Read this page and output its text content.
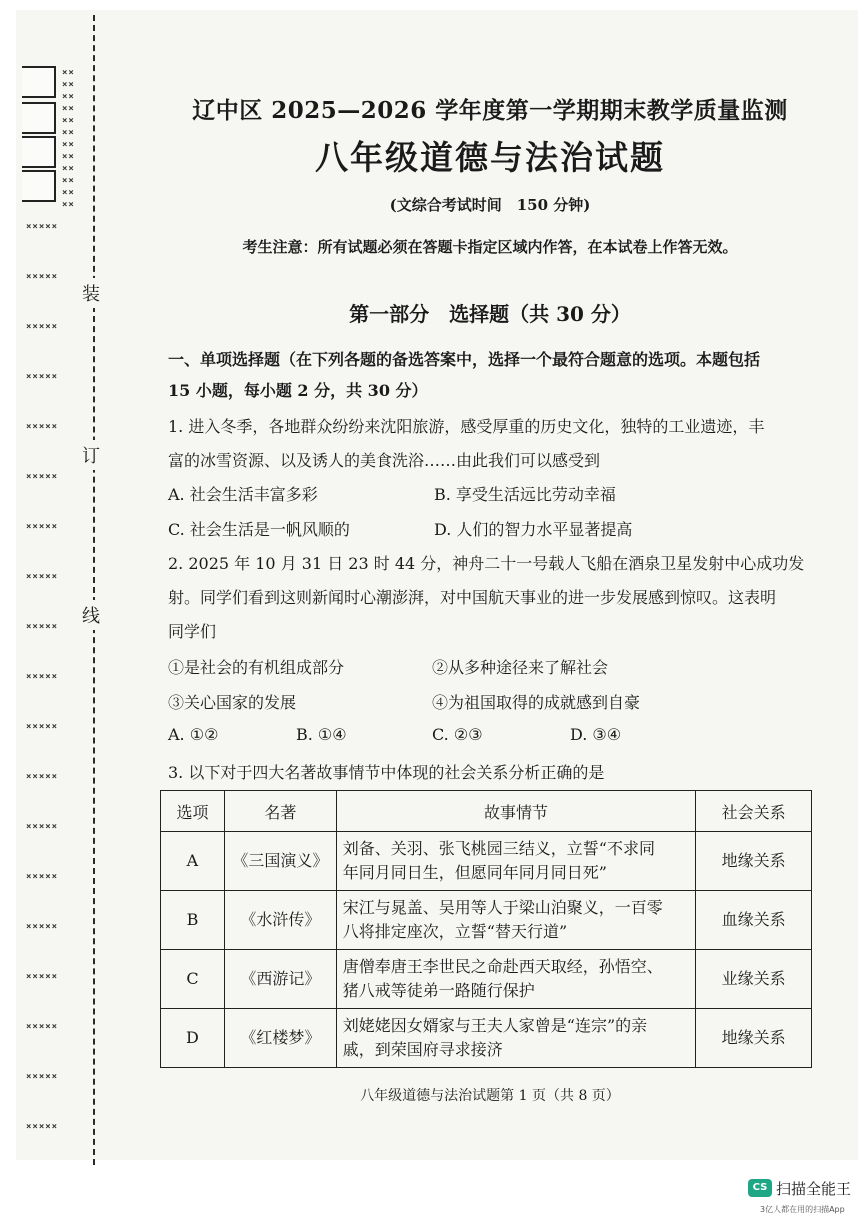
××
××
××
××
××
××
××
××
××
××
××
××
×××××
×××××
×××××
×××××
×××××
×××××
×××××
×××××
×××××
×××××
×××××
×××××
×××××
×××××
×××××
×××××
×××××
×××××
×××××
装
订
线
辽中区 2025—2026 学年度第一学期期末教学质量监测
八年级道德与法治试题
(文综合考试时间　150 分钟)
考生注意：所有试题必须在答题卡指定区域内作答，在本试卷上作答无效。
第一部分　选择题（共 30 分）
一、单项选择题（在下列各题的备选答案中，选择一个最符合题意的选项。本题包括
15 小题，每小题 2 分，共 30 分）
1. 进入冬季，各地群众纷纷来沈阳旅游，感受厚重的历史文化，独特的工业遗迹，丰
富的冰雪资源、以及诱人的美食洗浴……由此我们可以感受到
A. 社会生活丰富多彩	B. 享受生活远比劳动幸福
C. 社会生活是一帆风顺的	D. 人们的智力水平显著提高
2. 2025 年 10 月 31 日 23 时 44 分，神舟二十一号载人飞船在酒泉卫星发射中心成功发
射。同学们看到这则新闻时心潮澎湃，对中国航天事业的进一步发展感到惊叹。这表明
同学们
①是社会的有机组成部分	②从多种途径来了解社会
③关心国家的发展	④为祖国取得的成就感到自豪
A. ①②	B. ①④	C. ②③	D. ③④
3. 以下对于四大名著故事情节中体现的社会关系分析正确的是
选项	名著	故事情节	社会关系
A	《三国演义》	刘备、关羽、张飞桃园三结义，立誓“不求同
年同月同日生，但愿同年同月同日死”	地缘关系
B	《水浒传》	宋江与晁盖、吴用等人于梁山泊聚义，一百零
八将排定座次，立誓“替天行道”	血缘关系
C	《西游记》	唐僧奉唐王李世民之命赴西天取经，孙悟空、
猪八戒等徒弟一路随行保护	业缘关系
D	《红楼梦》	刘姥姥因女婿家与王夫人家曾是“连宗”的亲
戚，到荣国府寻求接济	地缘关系
八年级道德与法治试题第 1 页（共 8 页）
CS 扫描全能王
3亿人都在用的扫描App
